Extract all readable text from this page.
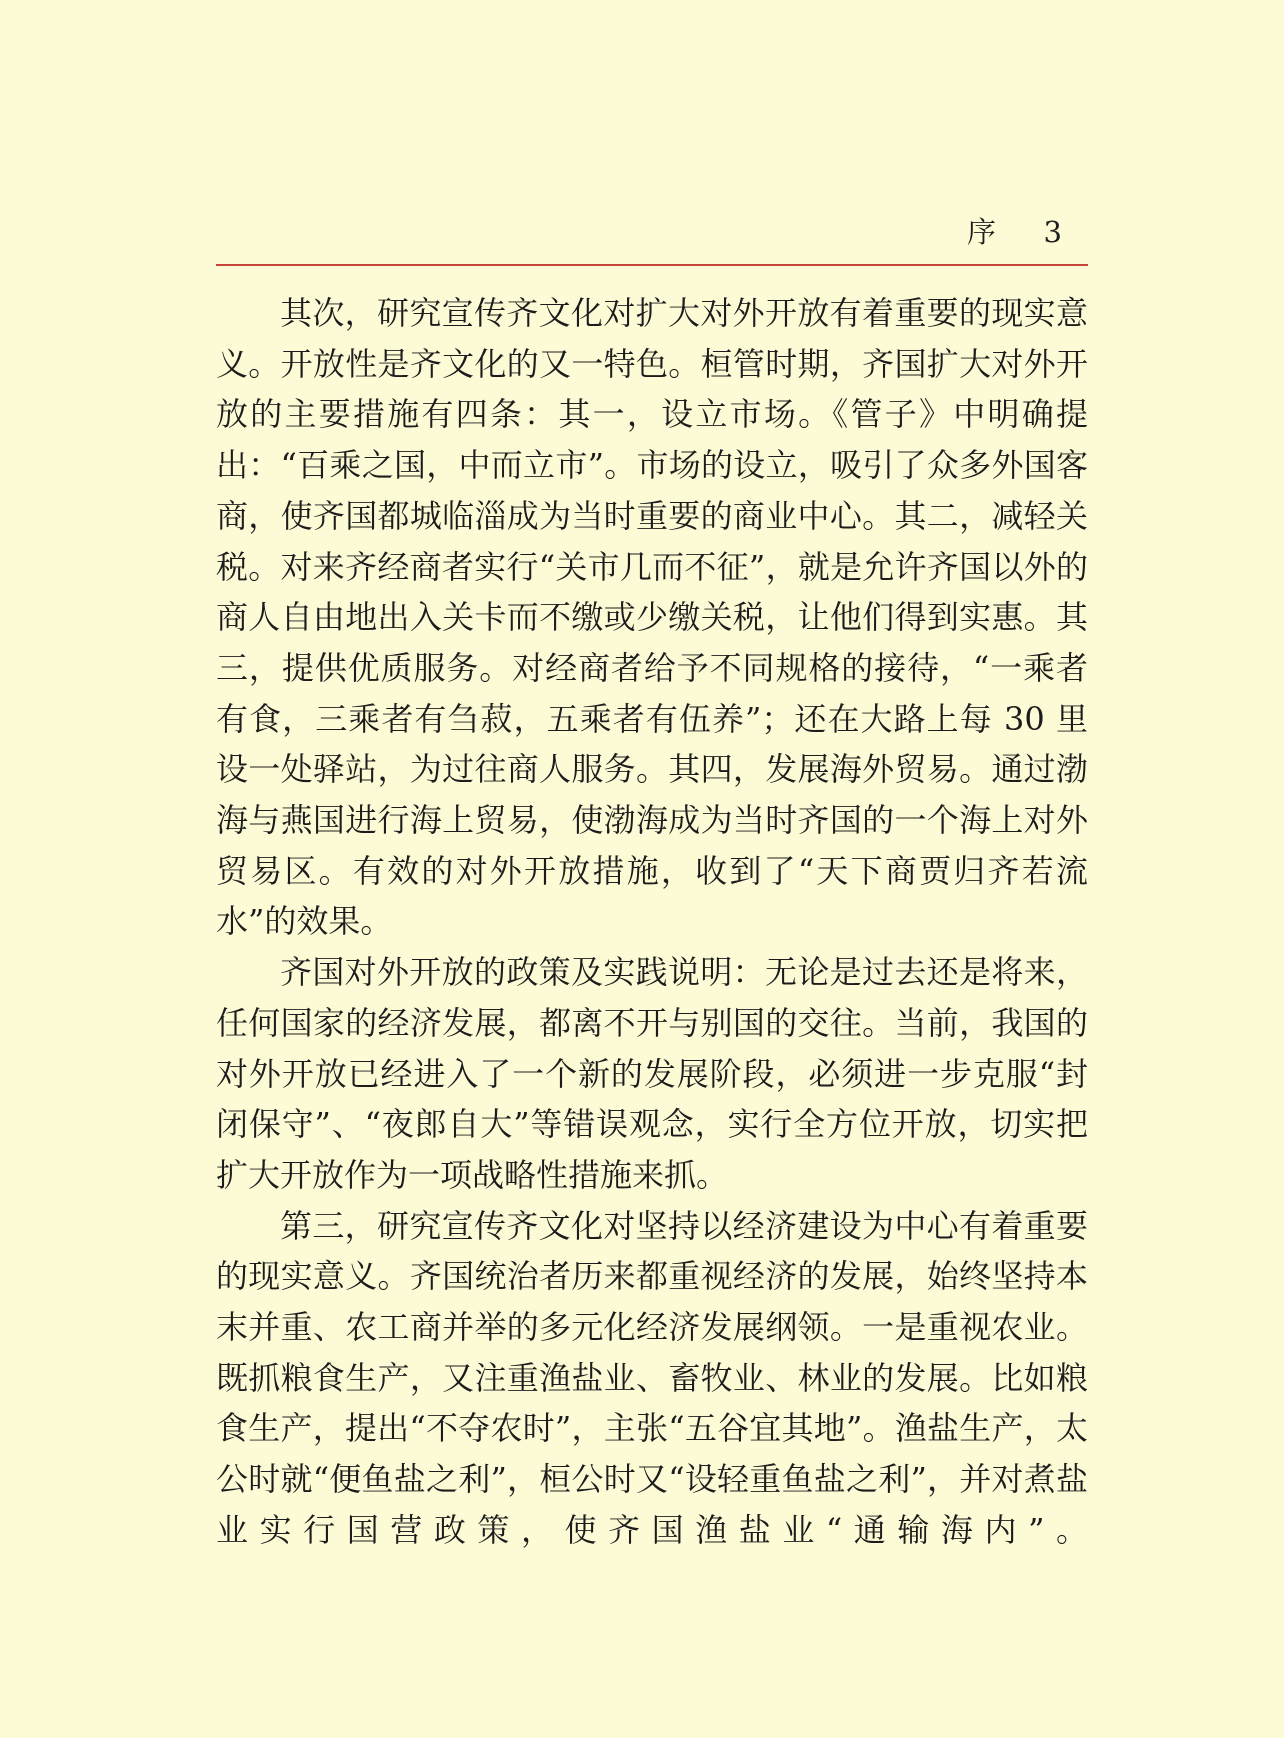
序 3

其次，研究宣传齐文化对扩大对外开放有着重要的现实意义。开放性是齐文化的又一特色。桓管时期，齐国扩大对外开放的主要措施有四条：其一，设立市场。《管子》中明确提出：“百乘之国，中而立市”。市场的设立，吸引了众多外国客商，使齐国都城临淄成为当时重要的商业中心。其二，减轻关税。对来齐经商者实行“关市几而不征”，就是允许齐国以外的商人自由地出入关卡而不缴或少缴关税，让他们得到实惠。其三，提供优质服务。对经商者给予不同规格的接待，“一乘者有食，三乘者有刍菽，五乘者有伍养”；还在大路上每 30 里设一处驿站，为过往商人服务。其四，发展海外贸易。通过渤海与燕国进行海上贸易，使渤海成为当时齐国的一个海上对外贸易区。有效的对外开放措施，收到了“天下商贾归齐若流水”的效果。

齐国对外开放的政策及实践说明：无论是过去还是将来，任何国家的经济发展，都离不开与别国的交往。当前，我国的对外开放已经进入了一个新的发展阶段，必须进一步克服“封闭保守”、“夜郎自大”等错误观念，实行全方位开放，切实把扩大开放作为一项战略性措施来抓。

第三，研究宣传齐文化对坚持以经济建设为中心有着重要的现实意义。齐国统治者历来都重视经济的发展，始终坚持本末并重、农工商并举的多元化经济发展纲领。一是重视农业。既抓粮食生产，又注重渔盐业、畜牧业、林业的发展。比如粮食生产，提出“不夺农时”，主张“五谷宜其地”。渔盐生产，太公时就“便鱼盐之利”，桓公时又“设轻重鱼盐之利”，并对煮盐业实行国营政策，使齐国渔盐业“通输海内”。
